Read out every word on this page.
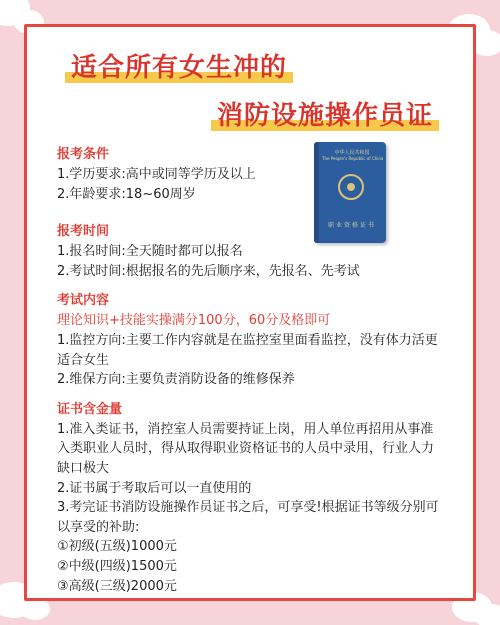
适合所有女生冲的
消防设施操作员证
中华人民共和国
The People's Republic of China
职业资格证书
报考条件
1.学历要求:高中或同等学历及以上
2.年龄要求:18~60周岁
报考时间
1.报名时间:全天随时都可以报名
2.考试时间:根据报名的先后顺序来，先报名、先考试
考试内容
理论知识+技能实操满分100分，60分及格即可
1.监控方向:主要工作内容就是在监控室里面看监控，没有体力活更适合女生
2.维保方向:主要负责消防设备的维修保养
证书含金量
1.准入类证书，消控室人员需要持证上岗，用人单位再招用从事准入类职业人员时，得从取得职业资格证书的人员中录用，行业人力缺口极大
2.证书属于考取后可以一直使用的
3.考完证书消防设施操作员证书之后，可享受!根据证书等级分别可以享受的补助:
①初级(五级)1000元
②中级(四级)1500元
③高级(三级)2000元
